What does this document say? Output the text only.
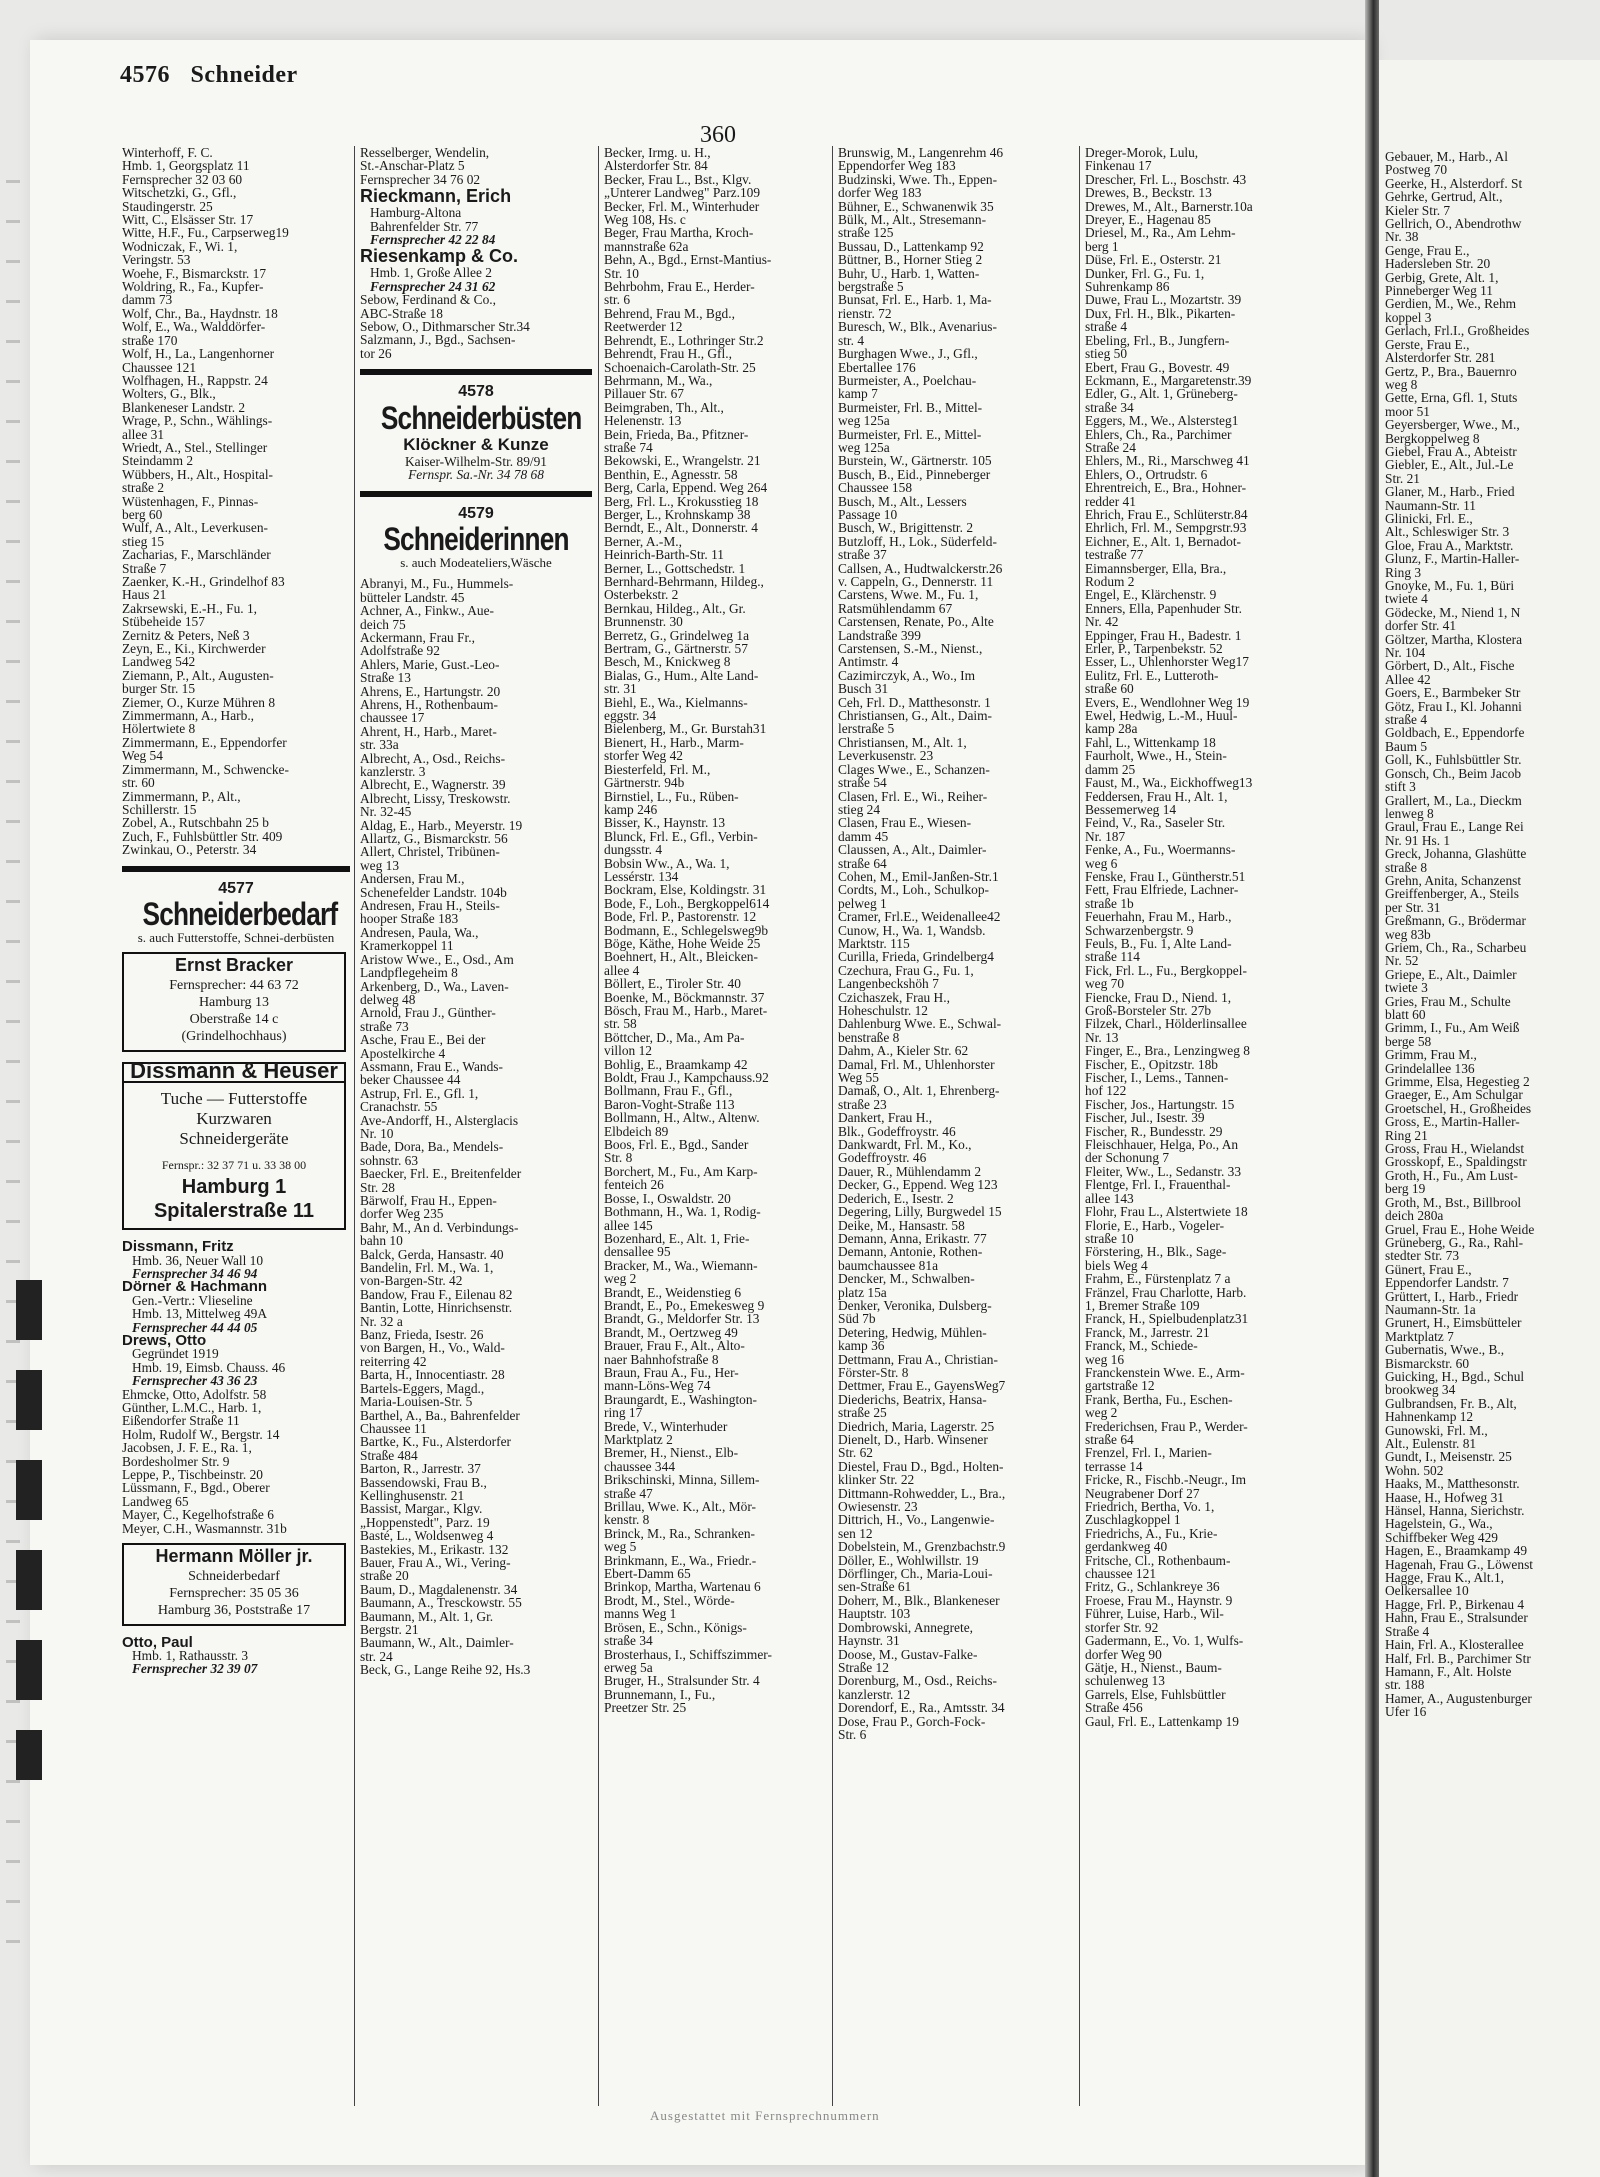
4576 Schneider
360
Winterhoff, F. C.
Hmb. 1, Georgsplatz 11
Fernsprecher 32 03 60
Witschetzki, G., Gfl.,
Staudingerstr. 25
Witt, C., Elsässer Str. 17
Witte, H.F., Fu., Carpserweg19
Wodniczak, F., Wi. 1,
Veringstr. 53
Woehe, F., Bismarckstr. 17
Woldring, R., Fa., Kupfer-
damm 73
Wolf, Chr., Ba., Haydnstr. 18
Wolf, E., Wa., Walddörfer-
straße 170
Wolf, H., La., Langenhorner
Chaussee 121
Wolfhagen, H., Rappstr. 24
Wolters, G., Blk.,
Blankeneser Landstr. 2
Wrage, P., Schn., Wählings-
allee 31
Wriedt, A., Stel., Stellinger
Steindamm 2
Wübbers, H., Alt., Hospital-
straße 2
Wüstenhagen, F., Pinnas-
berg 60
Wulf, A., Alt., Leverkusen-
stieg 15
Zacharias, F., Marschländer
Straße 7
Zaenker, K.-H., Grindelhof 83
Haus 21
Zakrsewski, E.-H., Fu. 1,
Stübeheide 157
Zernitz & Peters, Neß 3
Zeyn, E., Ki., Kirchwerder
Landweg 542
Ziemann, P., Alt., Augusten-
burger Str. 15
Ziemer, O., Kurze Mühren 8
Zimmermann, A., Harb.,
Hölertwiete 8
Zimmermann, E., Eppendorfer
Weg 54
Zimmermann, M., Schwencke-
str. 60
Zimmermann, P., Alt.,
Schillerstr. 15
Zobel, A., Rutschbahn 25 b
Zuch, F., Fuhlsbüttler Str. 409
Zwinkau, O., Peterstr. 34
4577
Schneiderbedarf
s. auch Futterstoffe, Schnei-derbüsten
Ernst Bracker
Fernsprecher: 44 63 72
Hamburg 13
Oberstraße 14 c
(Grindelhochhaus)
Dissmann & Heuser
Tuche — Futterstoffe
Kurzwaren
Schneidergeräte
Fernspr.: 32 37 71 u. 33 38 00
Hamburg 1
Spitalerstraße 11
Dissmann, Fritz
Hmb. 36, Neuer Wall 10
Fernsprecher 34 46 94
Dörner & Hachmann
Gen.-Vertr.: Vlieseline
Hmb. 13, Mittelweg 49A
Fernsprecher 44 44 05
Drews, Otto
Gegründet 1919
Hmb. 19, Eimsb. Chauss. 46
Fernsprecher 43 36 23
Ehmcke, Otto, Adolfstr. 58
Günther, L.M.C., Harb. 1,
Eißendorfer Straße 11
Holm, Rudolf W., Bergstr. 14
Jacobsen, J. F. E., Ra. 1,
Bordesholmer Str. 9
Leppe, P., Tischbeinstr. 20
Lüssmann, F., Bgd., Oberer
Landweg 65
Mayer, C., Kegelhofstraße 6
Meyer, C.H., Wasmannstr. 31b
Hermann Möller jr.
Schneiderbedarf
Fernsprecher: 35 05 36
Hamburg 36, Poststraße 17
Otto, Paul
Hmb. 1, Rathausstr. 3
Fernsprecher 32 39 07
Resselberger, Wendelin,
St.-Anschar-Platz 5
Fernsprecher 34 76 02
Rieckmann, Erich
Hamburg-Altona
Bahrenfelder Str. 77
Fernsprecher 42 22 84
Riesenkamp & Co.
Hmb. 1, Große Allee 2
Fernsprecher 24 31 62
Sebow, Ferdinand & Co.,
ABC-Straße 18
Sebow, O., Dithmarscher Str.34
Salzmann, J., Bgd., Sachsen-
tor 26
4578
Schneiderbüsten
Klöckner & Kunze
Kaiser-Wilhelm-Str. 89/91
Fernspr. Sa.-Nr. 34 78 68
4579
Schneiderinnen
s. auch Modeateliers,Wäsche
Abranyi, M., Fu., Hummels-
bütteler Landstr. 45
Achner, A., Finkw., Aue-
deich 75
Ackermann, Frau Fr.,
Adolfstraße 92
Ahlers, Marie, Gust.-Leo-
Straße 13
Ahrens, E., Hartungstr. 20
Ahrens, H., Rothenbaum-
chaussee 17
Ahrent, H., Harb., Maret-
str. 33a
Albrecht, A., Osd., Reichs-
kanzlerstr. 3
Albrecht, E., Wagnerstr. 39
Albrecht, Lissy, Treskowstr.
Nr. 32-45
Aldag, E., Harb., Meyerstr. 19
Allartz, G., Bismarckstr. 56
Allert, Christel, Tribünen-
weg 13
Andersen, Frau M.,
Schenefelder Landstr. 104b
Andresen, Frau H., Steils-
hooper Straße 183
Andresen, Paula, Wa.,
Kramerkoppel 11
Aristow Wwe., E., Osd., Am
Landpflegeheim 8
Arkenberg, D., Wa., Laven-
delweg 48
Arnold, Frau J., Günther-
straße 73
Asche, Frau E., Bei der
Apostelkirche 4
Assmann, Frau E., Wands-
beker Chaussee 44
Astrup, Frl. E., Gfl. 1,
Cranachstr. 55
Ave-Andorff, H., Alsterglacis
Nr. 10
Bade, Dora, Ba., Mendels-
sohnstr. 63
Baecker, Frl. E., Breitenfelder
Str. 28
Bärwolf, Frau H., Eppen-
dorfer Weg 235
Bahr, M., An d. Verbindungs-
bahn 10
Balck, Gerda, Hansastr. 40
Bandelin, Frl. M., Wa. 1,
von-Bargen-Str. 42
Bandow, Frau F., Eilenau 82
Bantin, Lotte, Hinrichsenstr.
Nr. 32 a
Banz, Frieda, Isestr. 26
von Bargen, H., Vo., Wald-
reiterring 42
Barta, H., Innocentiastr. 28
Bartels-Eggers, Magd.,
Maria-Louisen-Str. 5
Barthel, A., Ba., Bahrenfelder
Chaussee 11
Bartke, K., Fu., Alsterdorfer
Straße 484
Barton, R., Jarrestr. 37
Bassendowski, Frau B.,
Kellinghusenstr. 21
Bassist, Margar., Klgv.
„Hoppenstedt", Parz. 19
Basté, L., Woldsenweg 4
Bastekies, M., Erikastr. 132
Bauer, Frau A., Wi., Vering-
straße 20
Baum, D., Magdalenenstr. 34
Baumann, A., Tresckowstr. 55
Baumann, M., Alt. 1, Gr.
Bergstr. 21
Baumann, W., Alt., Daimler-
str. 24
Beck, G., Lange Reihe 92, Hs.3
Becker, Irmg. u. H.,
Alsterdorfer Str. 84
Becker, Frau L., Bst., Klgv.
„Unterer Landweg" Parz.109
Becker, Frl. M., Winterhuder
Weg 108, Hs. c
Beger, Frau Martha, Kroch-
mannstraße 62a
Behn, A., Bgd., Ernst-Mantius-
Str. 10
Behrbohm, Frau E., Herder-
str. 6
Behrend, Frau M., Bgd.,
Reetwerder 12
Behrendt, E., Lothringer Str.2
Behrendt, Frau H., Gfl.,
Schoenaich-Carolath-Str. 25
Behrmann, M., Wa.,
Pillauer Str. 67
Beimgraben, Th., Alt.,
Helenenstr. 13
Bein, Frieda, Ba., Pfitzner-
straße 74
Bekowski, E., Wrangelstr. 21
Benthin, E., Agnesstr. 58
Berg, Carla, Eppend. Weg 264
Berg, Frl. L., Krokusstieg 18
Berger, L., Krohnskamp 38
Berndt, E., Alt., Donnerstr. 4
Berner, A.-M.,
Heinrich-Barth-Str. 11
Berner, L., Gottschedstr. 1
Bernhard-Behrmann, Hildeg.,
Osterbekstr. 2
Bernkau, Hildeg., Alt., Gr.
Brunnenstr. 30
Berretz, G., Grindelweg 1a
Bertram, G., Gärtnerstr. 57
Besch, M., Knickweg 8
Bialas, G., Hum., Alte Land-
str. 31
Biehl, E., Wa., Kielmanns-
eggstr. 34
Bielenberg, M., Gr. Burstah31
Bienert, H., Harb., Marm-
storfer Weg 42
Biesterfeld, Frl. M.,
Gärtnerstr. 94b
Birnstiel, L., Fu., Rüben-
kamp 246
Bisser, K., Haynstr. 13
Blunck, Frl. E., Gfl., Verbin-
dungsstr. 4
Bobsin Ww., A., Wa. 1,
Lessérstr. 134
Bockram, Else, Koldingstr. 31
Bode, F., Loh., Bergkoppel614
Bode, Frl. P., Pastorenstr. 12
Bodmann, E., Schlegelsweg9b
Böge, Käthe, Hohe Weide 25
Boehnert, H., Alt., Bleicken-
allee 4
Böllert, E., Tiroler Str. 40
Boenke, M., Böckmannstr. 37
Bösch, Frau M., Harb., Maret-
str. 58
Böttcher, D., Ma., Am Pa-
villon 12
Bohlig, E., Braamkamp 42
Boldt, Frau J., Kampchauss.92
Bollmann, Frau F., Gfl.,
Baron-Voght-Straße 113
Bollmann, H., Altw., Altenw.
Elbdeich 89
Boos, Frl. E., Bgd., Sander
Str. 8
Borchert, M., Fu., Am Karp-
fenteich 26
Bosse, I., Oswaldstr. 20
Bothmann, H., Wa. 1, Rodig-
allee 145
Bozenhard, E., Alt. 1, Frie-
densallee 95
Bracker, M., Wa., Wiemann-
weg 2
Brandt, E., Weidenstieg 6
Brandt, E., Po., Emekesweg 9
Brandt, G., Meldorfer Str. 13
Brandt, M., Oertzweg 49
Brauer, Frau F., Alt., Alto-
naer Bahnhofstraße 8
Braun, Frau A., Fu., Her-
mann-Löns-Weg 74
Braungardt, E., Washington-
ring 17
Brede, V., Winterhuder
Marktplatz 2
Bremer, H., Nienst., Elb-
chaussee 344
Brikschinski, Minna, Sillem-
straße 47
Brillau, Wwe. K., Alt., Mör-
kenstr. 8
Brinck, M., Ra., Schranken-
weg 5
Brinkmann, E., Wa., Friedr.-
Ebert-Damm 65
Brinkop, Martha, Wartenau 6
Brodt, M., Stel., Wörde-
manns Weg 1
Brösen, E., Schn., Königs-
straße 34
Brosterhaus, I., Schiffszimmer-
erweg 5a
Bruger, H., Stralsunder Str. 4
Brunnemann, I., Fu.,
Preetzer Str. 25
Brunswig, M., Langenrehm 46
Eppendorfer Weg 183
Budzinski, Wwe. Th., Eppen-
dorfer Weg 183
Bühner, E., Schwanenwik 35
Bülk, M., Alt., Stresemann-
straße 125
Bussau, D., Lattenkamp 92
Büttner, B., Horner Stieg 2
Buhr, U., Harb. 1, Watten-
bergstraße 5
Bunsat, Frl. E., Harb. 1, Ma-
rienstr. 72
Buresch, W., Blk., Avenarius-
str. 4
Burghagen Wwe., J., Gfl.,
Ebertallee 176
Burmeister, A., Poelchau-
kamp 7
Burmeister, Frl. B., Mittel-
weg 125a
Burmeister, Frl. E., Mittel-
weg 125a
Burstein, W., Gärtnerstr. 105
Busch, B., Eid., Pinneberger
Chaussee 158
Busch, M., Alt., Lessers
Passage 10
Busch, W., Brigittenstr. 2
Butzloff, H., Lok., Süderfeld-
straße 37
Callsen, A., Hudtwalckerstr.26
v. Cappeln, G., Dennerstr. 11
Carstens, Wwe. M., Fu. 1,
Ratsmühlendamm 67
Carstensen, Renate, Po., Alte
Landstraße 399
Carstensen, S.-M., Nienst.,
Antimstr. 4
Cazimirczyk, A., Wo., Im
Busch 31
Ceh, Frl. D., Matthesonstr. 1
Christiansen, G., Alt., Daim-
lerstraße 5
Christiansen, M., Alt. 1,
Leverkusenstr. 23
Clages Wwe., E., Schanzen-
straße 54
Clasen, Frl. E., Wi., Reiher-
stieg 24
Clasen, Frau E., Wiesen-
damm 45
Claussen, A., Alt., Daimler-
straße 64
Cohen, M., Emil-Janßen-Str.1
Cordts, M., Loh., Schulkop-
pelweg 1
Cramer, Frl.E., Weidenallee42
Cunow, H., Wa. 1, Wandsb.
Marktstr. 115
Curilla, Frieda, Grindelberg4
Czechura, Frau G., Fu. 1,
Langenbeckshöh 7
Czichaszek, Frau H.,
Hoheschulstr. 12
Dahlenburg Wwe. E., Schwal-
benstraße 8
Dahm, A., Kieler Str. 62
Damal, Frl. M., Uhlenhorster
Weg 55
Damaß, O., Alt. 1, Ehrenberg-
straße 23
Dankert, Frau H.,
Blk., Godeffroystr. 46
Dankwardt, Frl. M., Ko.,
Godeffroystr. 46
Dauer, R., Mühlendamm 2
Decker, G., Eppend. Weg 123
Dederich, E., Isestr. 2
Degering, Lilly, Burgwedel 15
Deike, M., Hansastr. 58
Demann, Anna, Erikastr. 77
Demann, Antonie, Rothen-
baumchaussee 81a
Dencker, M., Schwalben-
platz 15a
Denker, Veronika, Dulsberg-
Süd 7b
Detering, Hedwig, Mühlen-
kamp 36
Dettmann, Frau A., Christian-
Förster-Str. 8
Dettmer, Frau E., GayensWeg7
Diederichs, Beatrix, Hansa-
straße 25
Diedrich, Maria, Lagerstr. 25
Dienelt, D., Harb. Winsener
Str. 62
Diestel, Frau D., Bgd., Holten-
klinker Str. 22
Dittmann-Rohwedder, L., Bra.,
Owiesenstr. 23
Dittrich, H., Vo., Langenwie-
sen 12
Dobelstein, M., Grenzbachstr.9
Döller, E., Wohlwillstr. 19
Dörflinger, Ch., Maria-Loui-
sen-Straße 61
Doherr, M., Blk., Blankeneser
Hauptstr. 103
Dombrowski, Annegrete,
Haynstr. 31
Doose, M., Gustav-Falke-
Straße 12
Dorenburg, M., Osd., Reichs-
kanzlerstr. 12
Dorendorf, E., Ra., Amtsstr. 34
Dose, Frau P., Gorch-Fock-
Str. 6
Dreger-Morok, Lulu,
Finkenau 17
Drescher, Frl. L., Boschstr. 43
Drewes, B., Beckstr. 13
Drewes, M., Alt., Barnerstr.10a
Dreyer, E., Hagenau 85
Driesel, M., Ra., Am Lehm-
berg 1
Düse, Frl. E., Osterstr. 21
Dunker, Frl. G., Fu. 1,
Suhrenkamp 86
Duwe, Frau L., Mozartstr. 39
Dux, Frl. H., Blk., Pikarten-
straße 4
Ebeling, Frl., B., Jungfern-
stieg 50
Ebert, Frau G., Bovestr. 49
Eckmann, E., Margaretenstr.39
Edler, G., Alt. 1, Grüneberg-
straße 34
Eggers, M., We., Alstersteg1
Ehlers, Ch., Ra., Parchimer
Straße 24
Ehlers, M., Ri., Marschweg 41
Ehlers, O., Ortrudstr. 6
Ehrentreich, E., Bra., Hohner-
redder 41
Ehrich, Frau E., Schlüterstr.84
Ehrlich, Frl. M., Sempgrstr.93
Eichner, E., Alt. 1, Bernadot-
testraße 77
Eimannsberger, Ella, Bra.,
Rodum 2
Engel, E., Klärchenstr. 9
Enners, Ella, Papenhuder Str.
Nr. 42
Eppinger, Frau H., Badestr. 1
Erler, P., Tarpenbekstr. 52
Esser, L., Uhlenhorster Weg17
Eulitz, Frl. E., Lutteroth-
straße 60
Evers, E., Wendlohner Weg 19
Ewel, Hedwig, L.-M., Huul-
kamp 28a
Fahl, L., Wittenkamp 18
Faurholt, Wwe., H., Stein-
damm 25
Faust, M., Wa., Eickhoffweg13
Feddersen, Frau H., Alt. 1,
Bessemerweg 14
Feind, V., Ra., Saseler Str.
Nr. 187
Fenke, A., Fu., Woermanns-
weg 6
Fenske, Frau I., Güntherstr.51
Fett, Frau Elfriede, Lachner-
straße 1b
Feuerhahn, Frau M., Harb.,
Schwarzenbergstr. 9
Feuls, B., Fu. 1, Alte Land-
straße 114
Fick, Frl. L., Fu., Bergkoppel-
weg 70
Fiencke, Frau D., Niend. 1,
Groß-Borsteler Str. 27b
Filzek, Charl., Hölderlinsallee
Nr. 13
Finger, E., Bra., Lenzingweg 8
Fischer, E., Opitzstr. 18b
Fischer, I., Lems., Tannen-
hof 122
Fischer, Jos., Hartungstr. 15
Fischer, Jul., Isestr. 39
Fischer, R., Bundesstr. 29
Fleischhauer, Helga, Po., An
der Schonung 7
Fleiter, Ww., L., Sedanstr. 33
Flentge, Frl. I., Frauenthal-
allee 143
Flohr, Frau L., Alstertwiete 18
Florie, E., Harb., Vogeler-
straße 10
Förstering, H., Blk., Sage-
biels Weg 4
Frahm, E., Fürstenplatz 7 a
Fränzel, Frau Charlotte, Harb.
1, Bremer Straße 109
Franck, H., Spielbudenplatz31
Franck, M., Jarrestr. 21
Franck, M., Schiede-
weg 16
Franckenstein Wwe. E., Arm-
gartstraße 12
Frank, Bertha, Fu., Eschen-
weg 2
Frederichsen, Frau P., Werder-
straße 64
Frenzel, Frl. I., Marien-
terrasse 14
Fricke, R., Fischb.-Neugr., Im
Neugrabener Dorf 27
Friedrich, Bertha, Vo. 1,
Zuschlagkoppel 1
Friedrichs, A., Fu., Krie-
gerdankweg 40
Fritsche, Cl., Rothenbaum-
chaussee 121
Fritz, G., Schlankreye 36
Froese, Frau M., Haynstr. 9
Führer, Luise, Harb., Wil-
storfer Str. 92
Gadermann, E., Vo. 1, Wulfs-
dorfer Weg 90
Gätje, H., Nienst., Baum-
schulenweg 13
Garrels, Else, Fuhlsbüttler
Straße 456
Gaul, Frl. E., Lattenkamp 19
Gebauer, M., Harb., Al
Postweg 70
Geerke, H., Alsterdorf. St
Gehrke, Gertrud, Alt.,
Kieler Str. 7
Gellrich, O., Abendrothw
Nr. 38
Genge, Frau E.,
Hadersleben Str. 20
Gerbig, Grete, Alt. 1,
Pinneberger Weg 11
Gerdien, M., We., Rehm
koppel 3
Gerlach, Frl.I., Großheides
Gerste, Frau E.,
Alsterdorfer Str. 281
Gertz, P., Bra., Bauernro
weg 8
Gette, Erna, Gfl. 1, Stuts
moor 51
Geyersberger, Wwe., M.,
Bergkoppelweg 8
Giebel, Frau A., Abteistr
Giebler, E., Alt., Jul.-Le
Str. 21
Glaner, M., Harb., Fried
Naumann-Str. 11
Glinicki, Frl. E.,
Alt., Schleswiger Str. 3
Gloe, Frau A., Marktstr.
Glunz, F., Martin-Haller-
Ring 3
Gnoyke, M., Fu. 1, Büri
twiete 4
Gödecke, M., Niend 1, N
dorfer Str. 41
Göltzer, Martha, Klostera
Nr. 104
Görbert, D., Alt., Fische
Allee 42
Goers, E., Barmbeker Str
Götz, Frau I., Kl. Johanni
straße 4
Goldbach, E., Eppendorfe
Baum 5
Goll, K., Fuhlsbüttler Str.
Gonsch, Ch., Beim Jacob
stift 3
Grallert, M., La., Dieckm
lenweg 8
Graul, Frau E., Lange Rei
Nr. 91 Hs. 1
Greck, Johanna, Glashütte
straße 8
Grehn, Anita, Schanzenst
Greiffenberger, A., Steils
per Str. 31
Greßmann, G., Brödermar
weg 83b
Griem, Ch., Ra., Scharbeu
Nr. 52
Griepe, E., Alt., Daimler
twiete 3
Gries, Frau M., Schulte
blatt 60
Grimm, I., Fu., Am Weiß
berge 58
Grimm, Frau M.,
Grindelallee 136
Grimme, Elsa, Hegestieg 2
Graeger, E., Am Schulgar
Groetschel, H., Großheides
Gross, E., Martin-Haller-
Ring 21
Gross, Frau H., Wielandst
Grosskopf, E., Spaldingstr
Groth, H., Fu., Am Lust-
berg 19
Groth, M., Bst., Billbrool
deich 280a
Gruel, Frau E., Hohe Weide
Grüneberg, G., Ra., Rahl-
stedter Str. 73
Günert, Frau E.,
Eppendorfer Landstr. 7
Grüttert, I., Harb., Friedr
Naumann-Str. 1a
Grunert, H., Eimsbütteler
Marktplatz 7
Gubernatis, Wwe., B.,
Bismarckstr. 60
Guicking, H., Bgd., Schul
brookweg 34
Gulbrandsen, Fr. B., Alt,
Hahnenkamp 12
Gunowski, Frl. M.,
Alt., Eulenstr. 81
Gundt, I., Meisenstr. 25
Wohn. 502
Haaks, M., Matthesonstr.
Haase, H., Hofweg 31
Hänsel, Hanna, Sierichstr.
Hagelstein, G., Wa.,
Schiffbeker Weg 429
Hagen, E., Braamkamp 49
Hagenah, Frau G., Löwenst
Hagge, Frau K., Alt.1,
Oelkersallee 10
Hagge, Frl. P., Birkenau 4
Hahn, Frau E., Stralsunder
Straße 4
Hain, Frl. A., Klosterallee
Half, Frl. B., Parchimer Str
Hamann, F., Alt. Holste
str. 188
Hamer, A., Augustenburger
Ufer 16
Ausgestattet mit Fernsprechnummern
